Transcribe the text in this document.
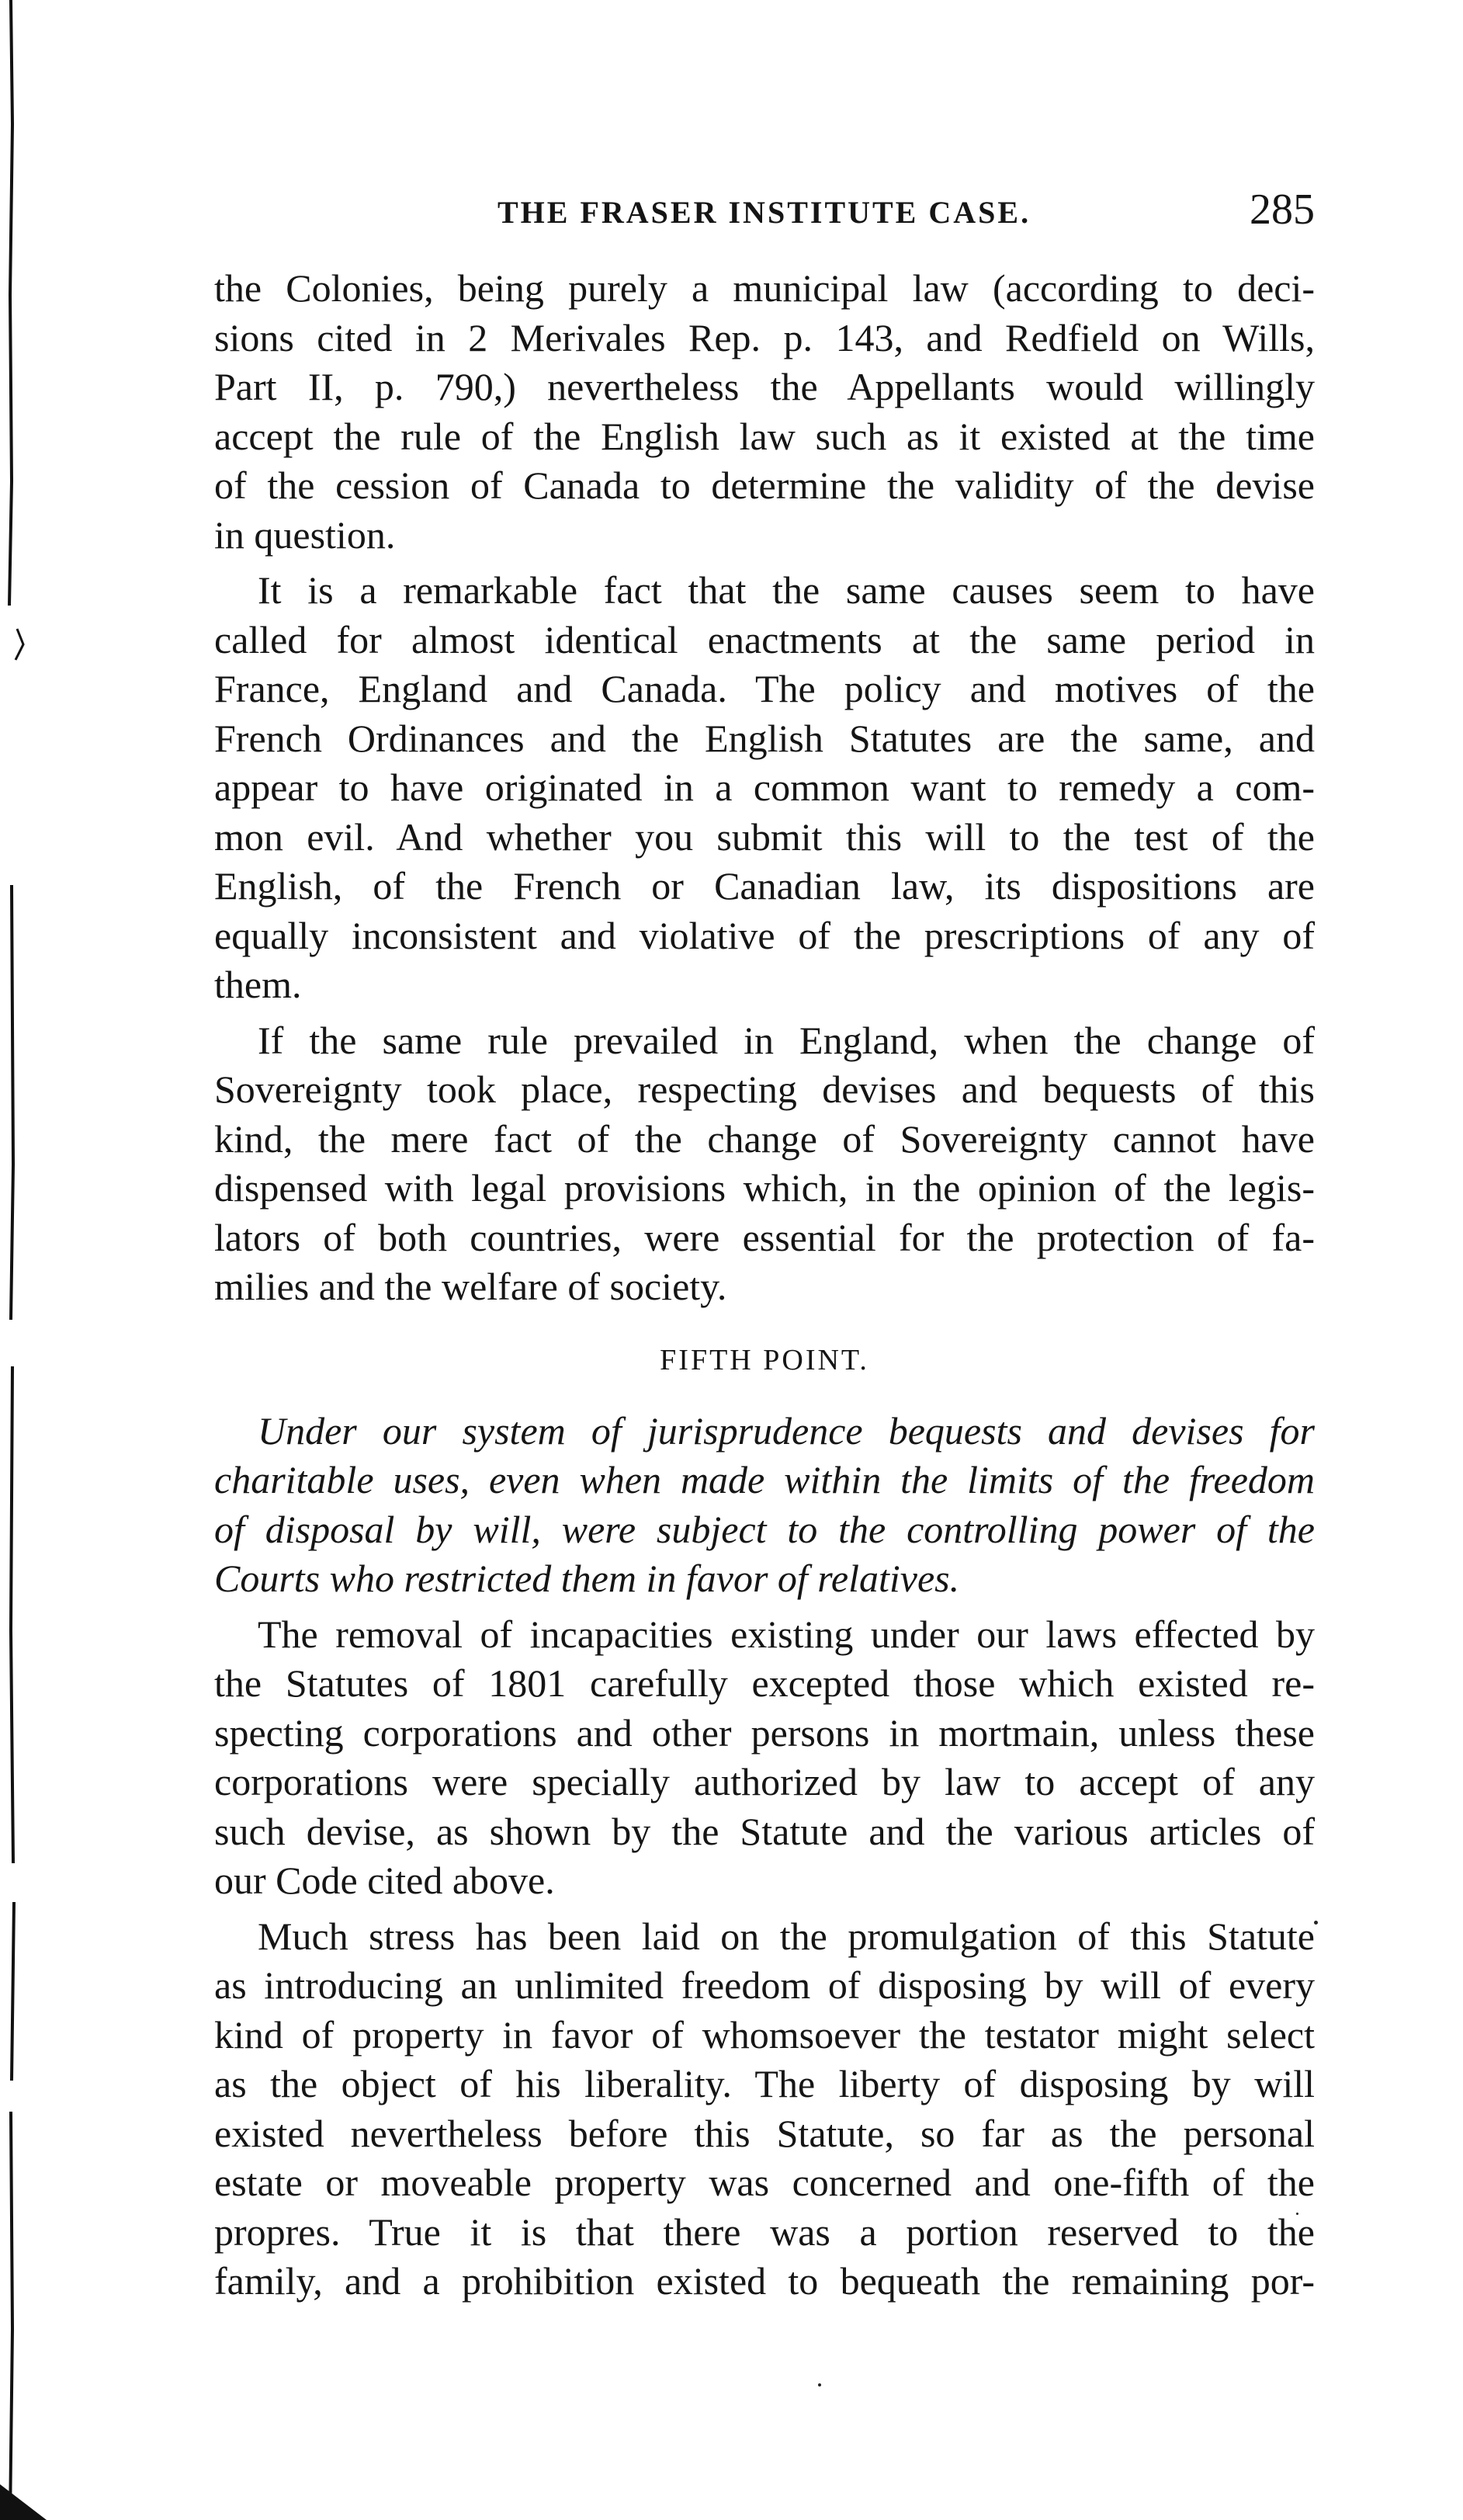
THE FRASER INSTITUTE CASE.	285
the Colonies, being purely a municipal law (according to deci-
sions cited in 2 Merivales Rep. p. 143, and Redfield on Wills,
Part II, p. 790,) nevertheless the Appellants would willingly
accept the rule of the English law such as it existed at the time
of the cession of Canada to determine the validity of the devise
in question.
It is a remarkable fact that the same causes seem to have
called for almost identical enactments at the same period in
France, England and Canada. The policy and motives of the
French Ordinances and the English Statutes are the same, and
appear to have originated in a common want to remedy a com-
mon evil. And whether you submit this will to the test of the
English, of the French or Canadian law, its dispositions are
equally inconsistent and violative of the prescriptions of any of
them.
If the same rule prevailed in England, when the change of
Sovereignty took place, respecting devises and bequests of this
kind, the mere fact of the change of Sovereignty cannot have
dispensed with legal provisions which, in the opinion of the legis-
lators of both countries, were essential for the protection of fa-
milies and the welfare of society.
FIFTH POINT.
Under our system of jurisprudence bequests and devises for
charitable uses, even when made within the limits of the freedom
of disposal by will, were subject to the controlling power of the
Courts who restricted them in favor of relatives.
The removal of incapacities existing under our laws effected by
the Statutes of 1801 carefully excepted those which existed re-
specting corporations and other persons in mortmain, unless these
corporations were specially authorized by law to accept of any
such devise, as shown by the Statute and the various articles of
our Code cited above.
Much stress has been laid on the promulgation of this Statute
as introducing an unlimited freedom of disposing by will of every
kind of property in favor of whomsoever the testator might select
as the object of his liberality. The liberty of disposing by will
existed nevertheless before this Statute, so far as the personal
estate or moveable property was concerned and one-fifth of the
propres. True it is that there was a portion reserved to the
family, and a prohibition existed to bequeath the remaining por-
